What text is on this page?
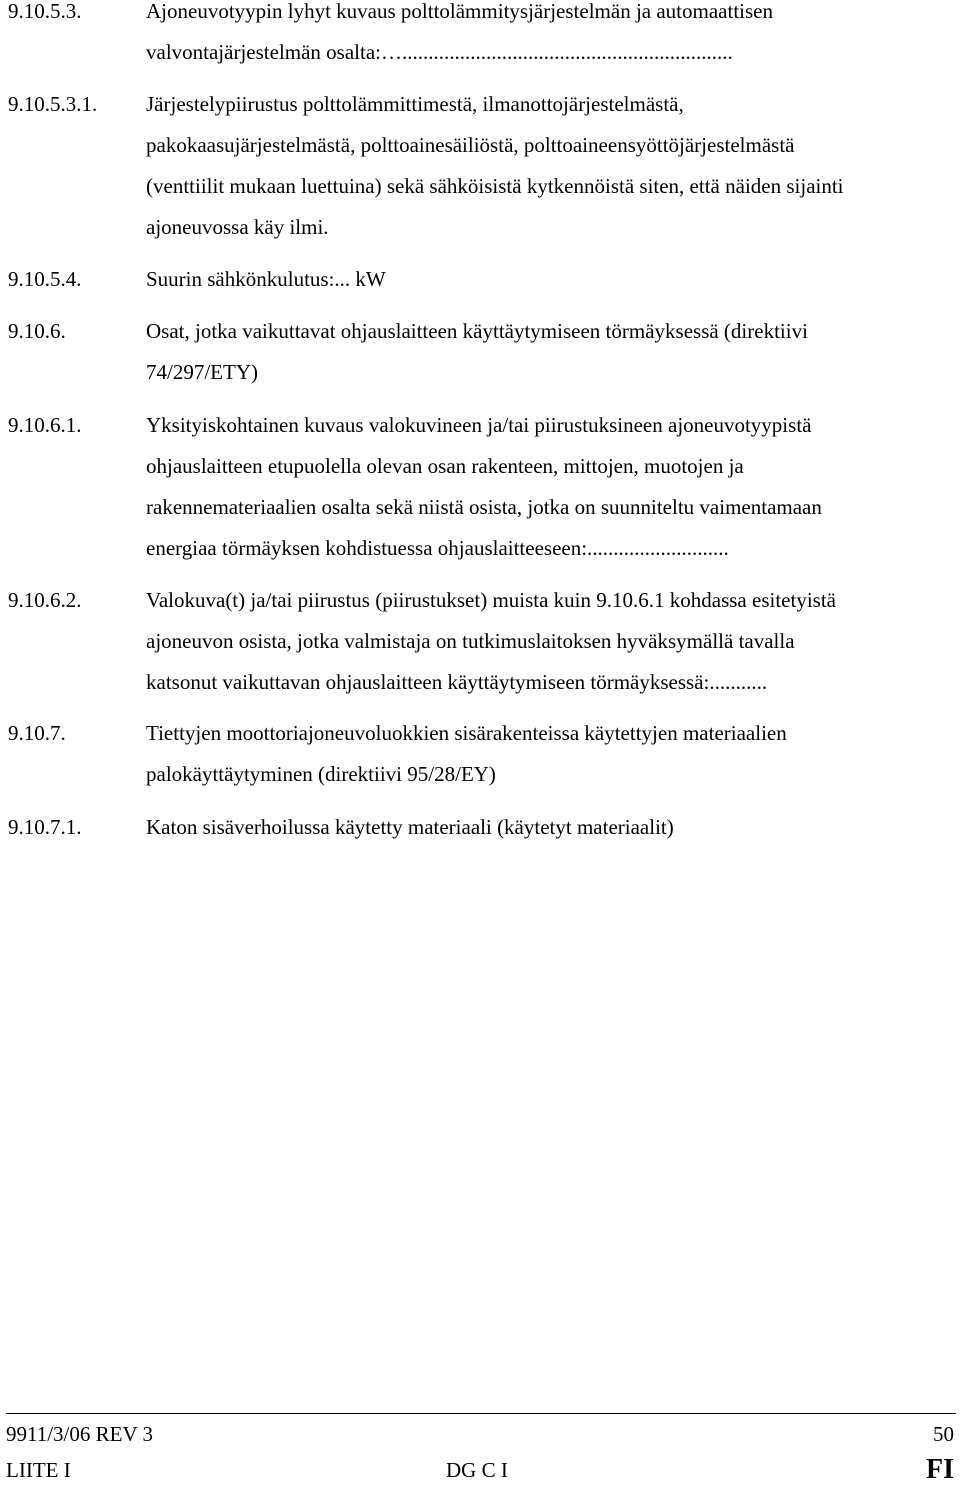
9.10.5.3.	Ajoneuvotyypin lyhyt kuvaus polttolämmitysjärjestelmän ja automaattisen
valvontajärjestelmän osalta:…...............................................................
9.10.5.3.1.	Järjestelypiirustus polttolämmittimestä, ilmanottojärjestelmästä,
pakokaasujärjestelmästä, polttoainesäiliöstä, polttoaineensyöttöjärjestelmästä
(venttiilit mukaan luettuina) sekä sähköisistä kytkennöistä siten, että näiden sijainti
ajoneuvossa käy ilmi.
9.10.5.4.	Suurin sähkönkulutus:... kW
9.10.6.	Osat, jotka vaikuttavat ohjauslaitteen käyttäytymiseen törmäyksessä (direktiivi
74/297/ETY)
9.10.6.1.	Yksityiskohtainen kuvaus valokuvineen ja/tai piirustuksineen ajoneuvotyypistä
ohjauslaitteen etupuolella olevan osan rakenteen, mittojen, muotojen ja
rakennemateriaalien osalta sekä niistä osista, jotka on suunniteltu vaimentamaan
energiaa törmäyksen kohdistuessa ohjauslaitteeseen:...........................
9.10.6.2.	Valokuva(t) ja/tai piirustus (piirustukset) muista kuin 9.10.6.1 kohdassa esitetyistä
ajoneuvon osista, jotka valmistaja on tutkimuslaitoksen hyväksymällä tavalla
katsonut vaikuttavan ohjauslaitteen käyttäytymiseen törmäyksessä:...........
9.10.7.	Tiettyjen moottoriajoneuvoluokkien sisärakenteissa käytettyjen materiaalien
palokäyttäytyminen (direktiivi 95/28/EY)
9.10.7.1.	Katon sisäverhoilussa käytetty materiaali (käytetyt materiaalit)
9911/3/06 REV 3	50
LIITE I	DG C I	FI
